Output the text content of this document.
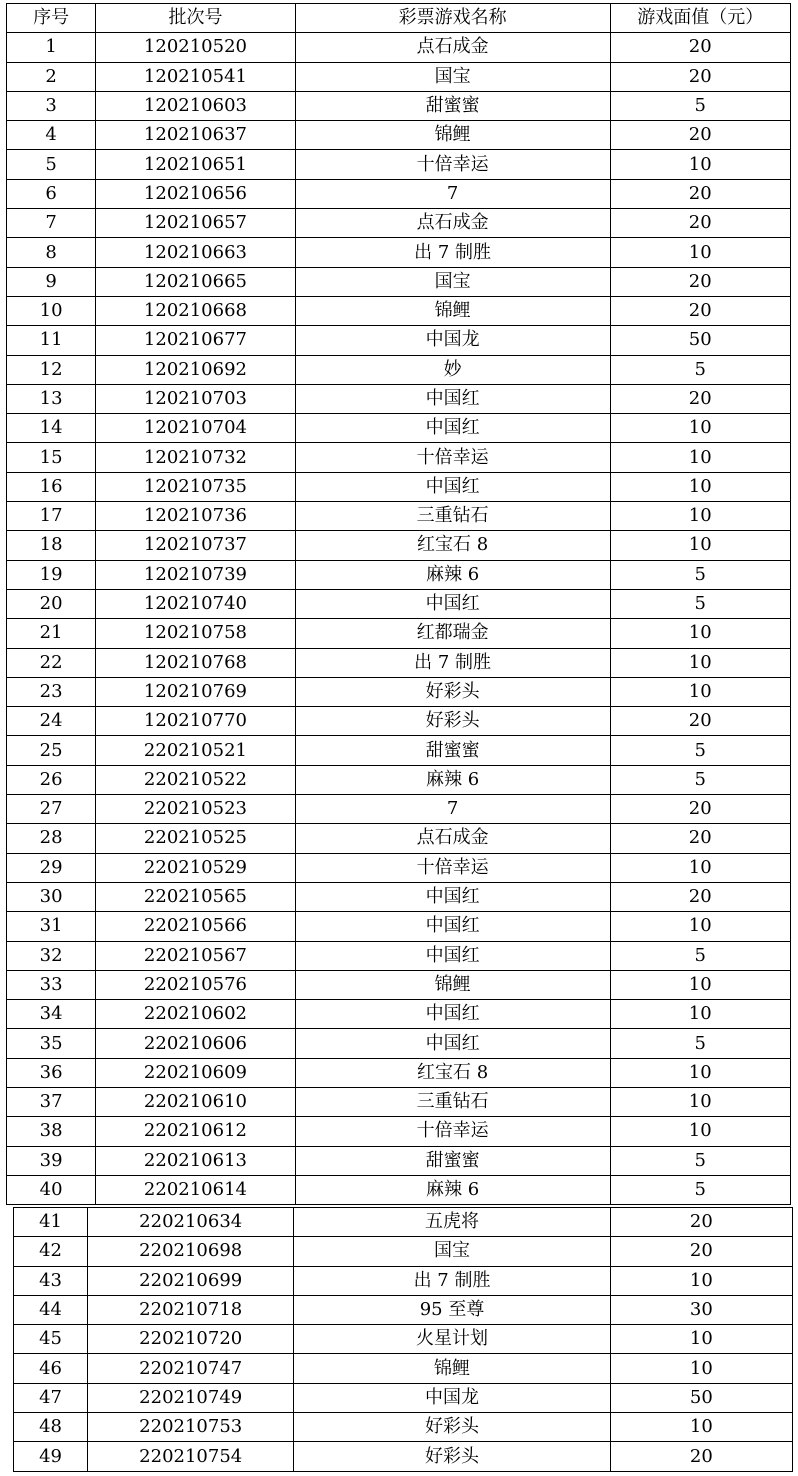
序号	批次号	彩票游戏名称	游戏面值（元）
1	120210520	点石成金	20
2	120210541	国宝	20
3	120210603	甜蜜蜜	5
4	120210637	锦鲤	20
5	120210651	十倍幸运	10
6	120210656	7	20
7	120210657	点石成金	20
8	120210663	出 7 制胜	10
9	120210665	国宝	20
10	120210668	锦鲤	20
11	120210677	中国龙	50
12	120210692	妙	5
13	120210703	中国红	20
14	120210704	中国红	10
15	120210732	十倍幸运	10
16	120210735	中国红	10
17	120210736	三重钻石	10
18	120210737	红宝石 8	10
19	120210739	麻辣 6	5
20	120210740	中国红	5
21	120210758	红都瑞金	10
22	120210768	出 7 制胜	10
23	120210769	好彩头	10
24	120210770	好彩头	20
25	220210521	甜蜜蜜	5
26	220210522	麻辣 6	5
27	220210523	7	20
28	220210525	点石成金	20
29	220210529	十倍幸运	10
30	220210565	中国红	20
31	220210566	中国红	10
32	220210567	中国红	5
33	220210576	锦鲤	10
34	220210602	中国红	10
35	220210606	中国红	5
36	220210609	红宝石 8	10
37	220210610	三重钻石	10
38	220210612	十倍幸运	10
39	220210613	甜蜜蜜	5
40	220210614	麻辣 6	5
41	220210634	五虎将	20
42	220210698	国宝	20
43	220210699	出 7 制胜	10
44	220210718	95 至尊	30
45	220210720	火星计划	10
46	220210747	锦鲤	10
47	220210749	中国龙	50
48	220210753	好彩头	10
49	220210754	好彩头	20
